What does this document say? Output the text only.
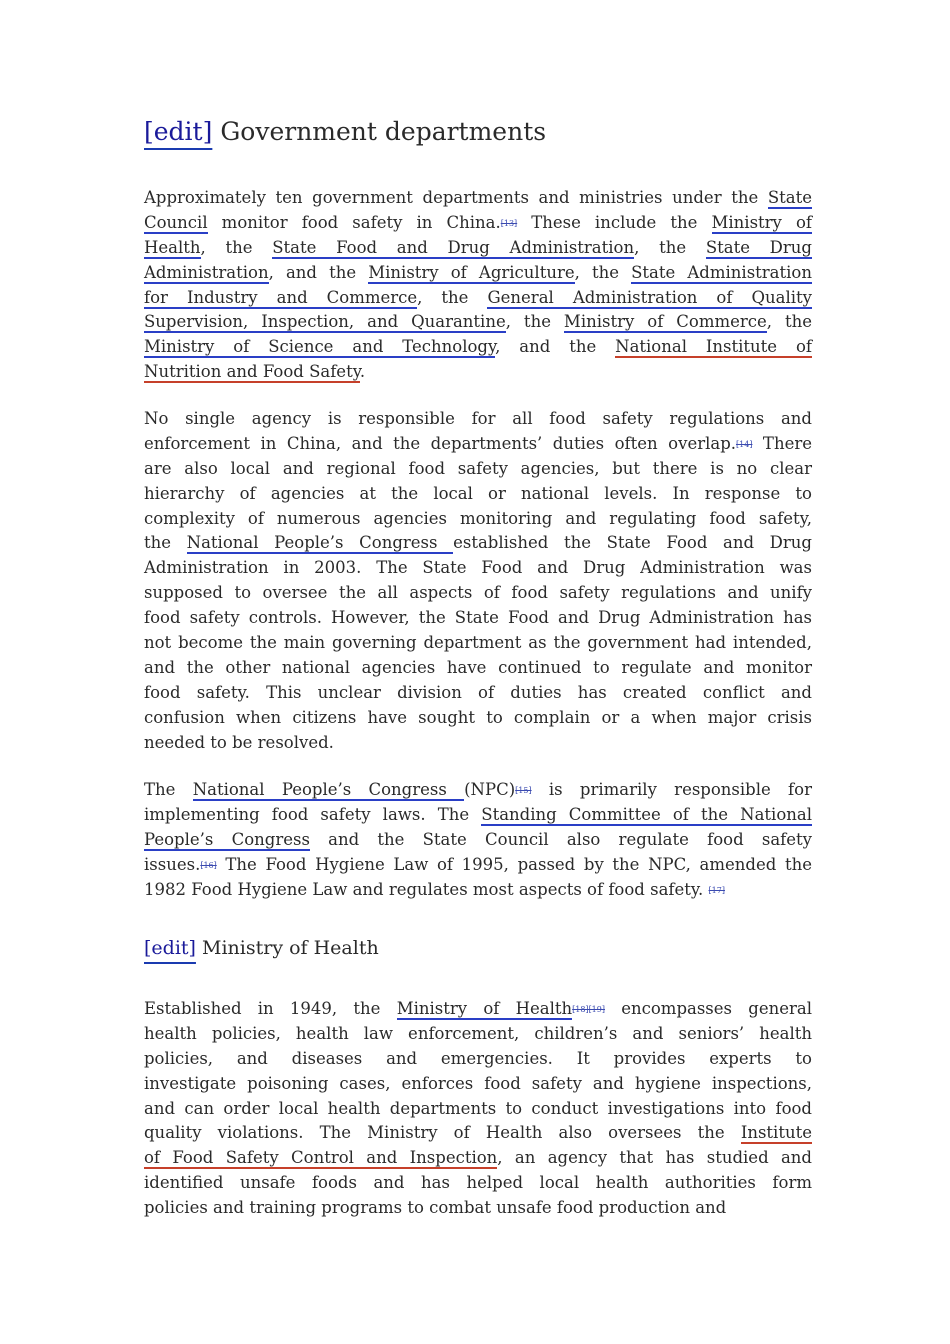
[edit] Government departments
Approximately ten government departments and ministries under the State
Council monitor food safety in China.[13] These include the Ministry of
Health, the State Food and Drug Administration, the State Drug
Administration, and the Ministry of Agriculture, the State Administration
for Industry and Commerce, the General Administration of Quality
Supervision, Inspection, and Quarantine, the Ministry of Commerce, the
Ministry of Science and Technology, and the National Institute of
Nutrition and Food Safety.
No single agency is responsible for all food safety regulations and
enforcement in China, and the departments’ duties often overlap.[14] There
are also local and regional food safety agencies, but there is no clear
hierarchy of agencies at the local or national levels. In response to
complexity of numerous agencies monitoring and regulating food safety,
the National People’s Congress established the State Food and Drug
Administration in 2003. The State Food and Drug Administration was
supposed to oversee the all aspects of food safety regulations and unify
food safety controls. However, the State Food and Drug Administration has
not become the main governing department as the government had intended,
and the other national agencies have continued to regulate and monitor
food safety. This unclear division of duties has created conflict and
confusion when citizens have sought to complain or a when major crisis
needed to be resolved.
The National People’s Congress (NPC)[15] is primarily responsible for
implementing food safety laws. The Standing Committee of the National
People’s Congress and the State Council also regulate food safety
issues.[16] The Food Hygiene Law of 1995, passed by the NPC, amended the
1982 Food Hygiene Law and regulates most aspects of food safety. [17]
[edit] Ministry of Health
Established in 1949, the Ministry of Health[18][19] encompasses general
health policies, health law enforcement, children’s and seniors’ health
policies, and diseases and emergencies. It provides experts to
investigate poisoning cases, enforces food safety and hygiene inspections,
and can order local health departments to conduct investigations into food
quality violations. The Ministry of Health also oversees the Institute
of Food Safety Control and Inspection, an agency that has studied and
identified unsafe foods and has helped local health authorities form
policies and training programs to combat unsafe food production and
